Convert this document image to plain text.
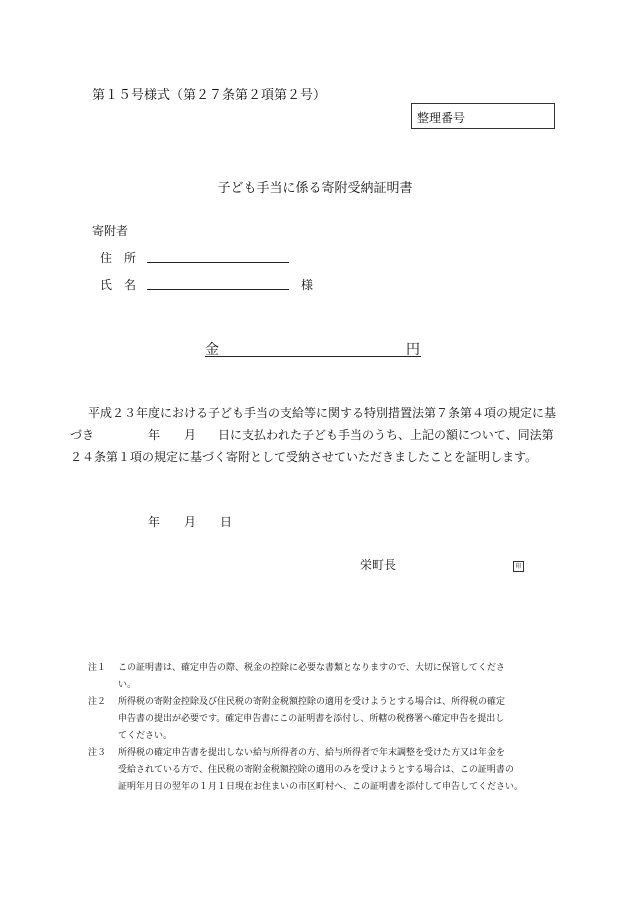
第１５号様式（第２７条第２項第２号）
整理番号
子ども手当に係る寄附受納証明書
寄附者
住　所
氏　名	様
金	円
平成２３年度における子ども手当の支給等に関する特別措置法第７条第４項の規定に基
づき	年 月 日に支払われた子ども手当のうち、上記の額について、同法第
２４条第１項の規定に基づく寄附として受納させていただきましたことを証明します。
年 月 日
栄町長	印
注１ この証明書は、確定申告の際、税金の控除に必要な書類となりますので、大切に保管してくださ
い。
注２ 所得税の寄附金控除及び住民税の寄附金税額控除の適用を受けようとする場合は、所得税の確定
申告書の提出が必要です。確定申告書にこの証明書を添付し、所轄の税務署へ確定申告を提出し
てください。
注３ 所得税の確定申告書を提出しない給与所得者の方、給与所得者で年末調整を受けた方又は年金を
受給されている方で、住民税の寄附金税額控除の適用のみを受けようとする場合は、この証明書の
証明年月日の翌年の１月１日現在お住まいの市区町村へ、この証明書を添付して申告してください。
